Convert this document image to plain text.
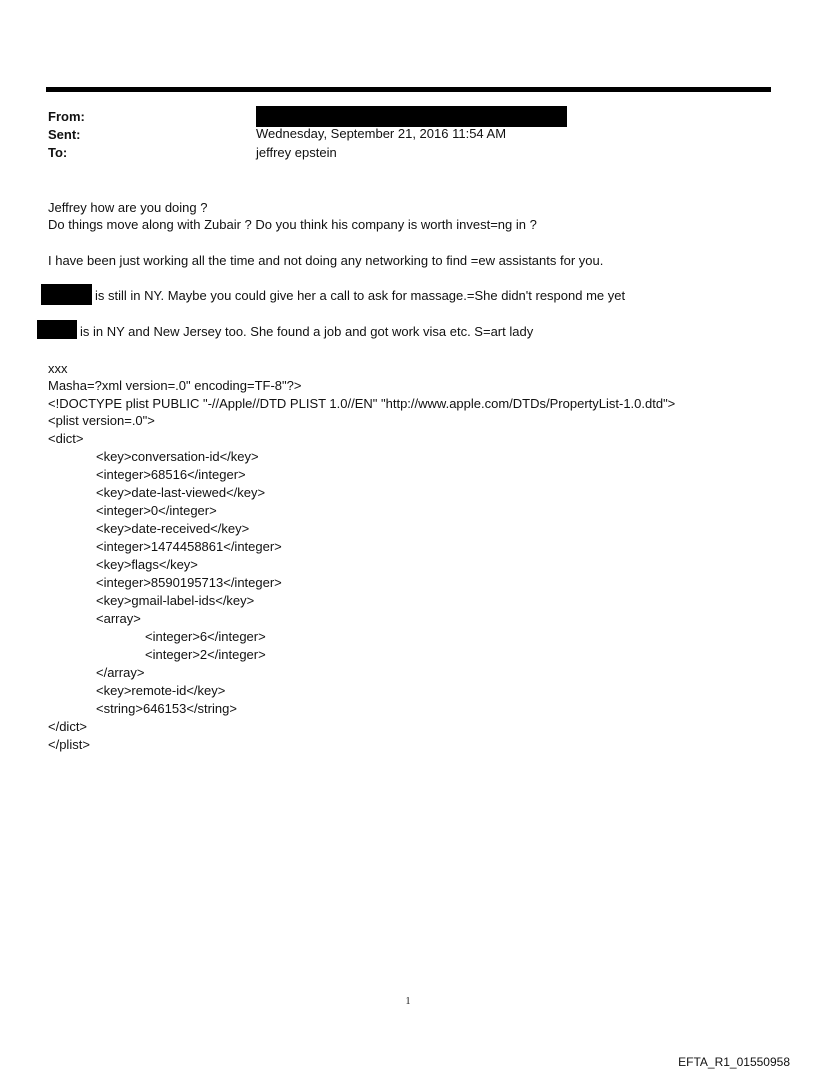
From:
Sent:	Wednesday, September 21, 2016 11:54 AM
To:	jeffrey epstein
Jeffrey how are you doing ?
Do things move along with Zubair ? Do you think his company is worth invest=ng in ?
I have been just working all the time and not doing any networking to find =ew assistants for you.
is still in NY. Maybe you could give her a call to ask for massage.=She didn't respond me yet
is in NY and New Jersey too. She found a job and got work visa etc. S=art lady
xxx
Masha=?xml version=.0" encoding=TF-8"?>
<!DOCTYPE plist PUBLIC "-//Apple//DTD PLIST 1.0//EN" "http://www.apple.com/DTDs/PropertyList-1.0.dtd">
<plist version=.0">
<dict>
<key>conversation-id</key>
<integer>68516</integer>
<key>date-last-viewed</key>
<integer>0</integer>
<key>date-received</key>
<integer>1474458861</integer>
<key>flags</key>
<integer>8590195713</integer>
<key>gmail-label-ids</key>
<array>
<integer>6</integer>
<integer>2</integer>
</array>
<key>remote-id</key>
<string>646153</string>
</dict>
</plist>
1
EFTA_R1_01550958
